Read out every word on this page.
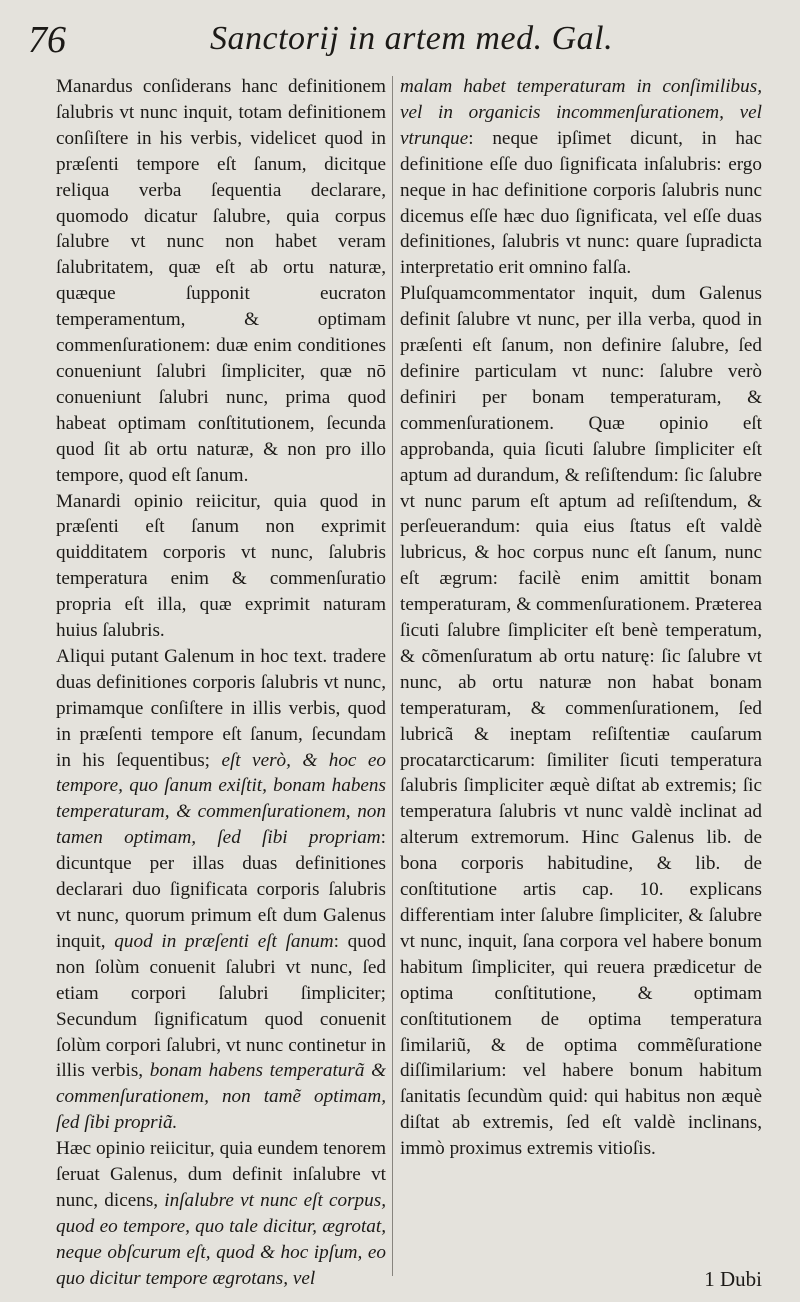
76	Sanctorij in artem med. Gal.

Manardus conſiderans hanc definitionem ſalubris vt nunc inquit, totam definitionem conſiſtere in his verbis, videlicet quod in præſenti tempore eſt ſanum, dicitque reliqua verba ſequentia declarare, quomodo dicatur ſalubre, quia corpus ſalubre vt nunc non habet veram ſalubritatem, quæ eſt ab ortu naturæ, quæque ſupponit eucraton temperamentum, & optimam commenſurationem: duæ enim conditiones conueniunt ſalubri ſimpliciter, quæ nō conueniunt ſalubri nunc, prima quod habeat optimam conſtitutionem, ſecunda quod ſit ab ortu naturæ, & non pro illo tempore, quod eſt ſanum.

Manardi opinio reiicitur, quia quod in præſenti eſt ſanum non exprimit quidditatem corporis vt nunc, ſalubris temperatura enim & commenſuratio propria eſt illa, quæ exprimit naturam huius ſalubris.

Aliqui putant Galenum in hoc text. tradere duas definitiones corporis ſalubris vt nunc, primamque conſiſtere in illis verbis, quod in præſenti tempore eſt ſanum, ſecundam in his ſequentibus; eſt verò, & hoc eo tempore, quo ſanum exiſtit, bonam habens temperaturam, & commenſurationem, non tamen optimam, ſed ſibi propriam: dicuntque per illas duas definitiones declarari duo ſignificata corporis ſalubris vt nunc, quorum primum eſt dum Galenus inquit, quod in præſenti eſt ſanum: quod non ſolùm conuenit ſalubri vt nunc, ſed etiam corpori ſalubri ſimpliciter; Secundum ſignificatum quod conuenit ſolùm corpori ſalubri, vt nunc continetur in illis verbis, bonam habens temperaturã & commenſurationem, non tamẽ optimam, ſed ſibi propriã.

Hæc opinio reiicitur, quia eundem tenorem ſeruat Galenus, dum definit inſalubre vt nunc, dicens, inſalubre vt nunc eſt corpus, quod eo tempore, quo tale dicitur, ægrotat, neque obſcurum eſt, quod & hoc ipſum, eo quo dicitur tempore ægrotans, vel

malam habet temperaturam in conſimilibus, vel in organicis incommenſurationem, vel vtrunque: neque ipſimet dicunt, in hac definitione eſſe duo ſignificata inſalubris: ergo neque in hac definitione corporis ſalubris nunc dicemus eſſe hæc duo ſignificata, vel eſſe duas definitiones, ſalubris vt nunc: quare ſupradicta interpretatio erit omnino falſa.

Pluſquamcommentator inquit, dum Galenus definit ſalubre vt nunc, per illa verba, quod in præſenti eſt ſanum, non definire ſalubre, ſed definire particulam vt nunc: ſalubre verò definiri per bonam temperaturam, & commenſurationem. Quæ opinio eſt approbanda, quia ſicuti ſalubre ſimpliciter eſt aptum ad durandum, & reſiſtendum: ſic ſalubre vt nunc parum eſt aptum ad reſiſtendum, & perſeuerandum: quia eius ſtatus eſt valdè lubricus, & hoc corpus nunc eſt ſanum, nunc eſt ægrum: facilè enim amittit bonam temperaturam, & commenſurationem. Præterea ſicuti ſalubre ſimpliciter eſt benè temperatum, & cõmenſuratum ab ortu naturę: ſic ſalubre vt nunc, ab ortu naturæ non habat bonam temperaturam, & commenſurationem, ſed lubricã & ineptam reſiſtentiæ cauſarum procatarcticarum: ſimiliter ſicuti temperatura ſalubris ſimpliciter æquè diſtat ab extremis; ſic temperatura ſalubris vt nunc valdè inclinat ad alterum extremorum. Hinc Galenus lib. de bona corporis habitudine, & lib. de conſtitutione artis cap. 10. explicans differentiam inter ſalubre ſimpliciter, & ſalubre vt nunc, inquit, ſana corpora vel habere bonum habitum ſimpliciter, qui reuera prædicetur de optima conſtitutione, & optimam conſtitutionem de optima temperatura ſimilariũ, & de optima commẽſuratione diſſimilarium: vel habere bonum habitum ſanitatis ſecundùm quid: qui habitus non æquè diſtat ab extremis, ſed eſt valdè inclinans, immò proximus extremis vitioſis.

1 Dubi
